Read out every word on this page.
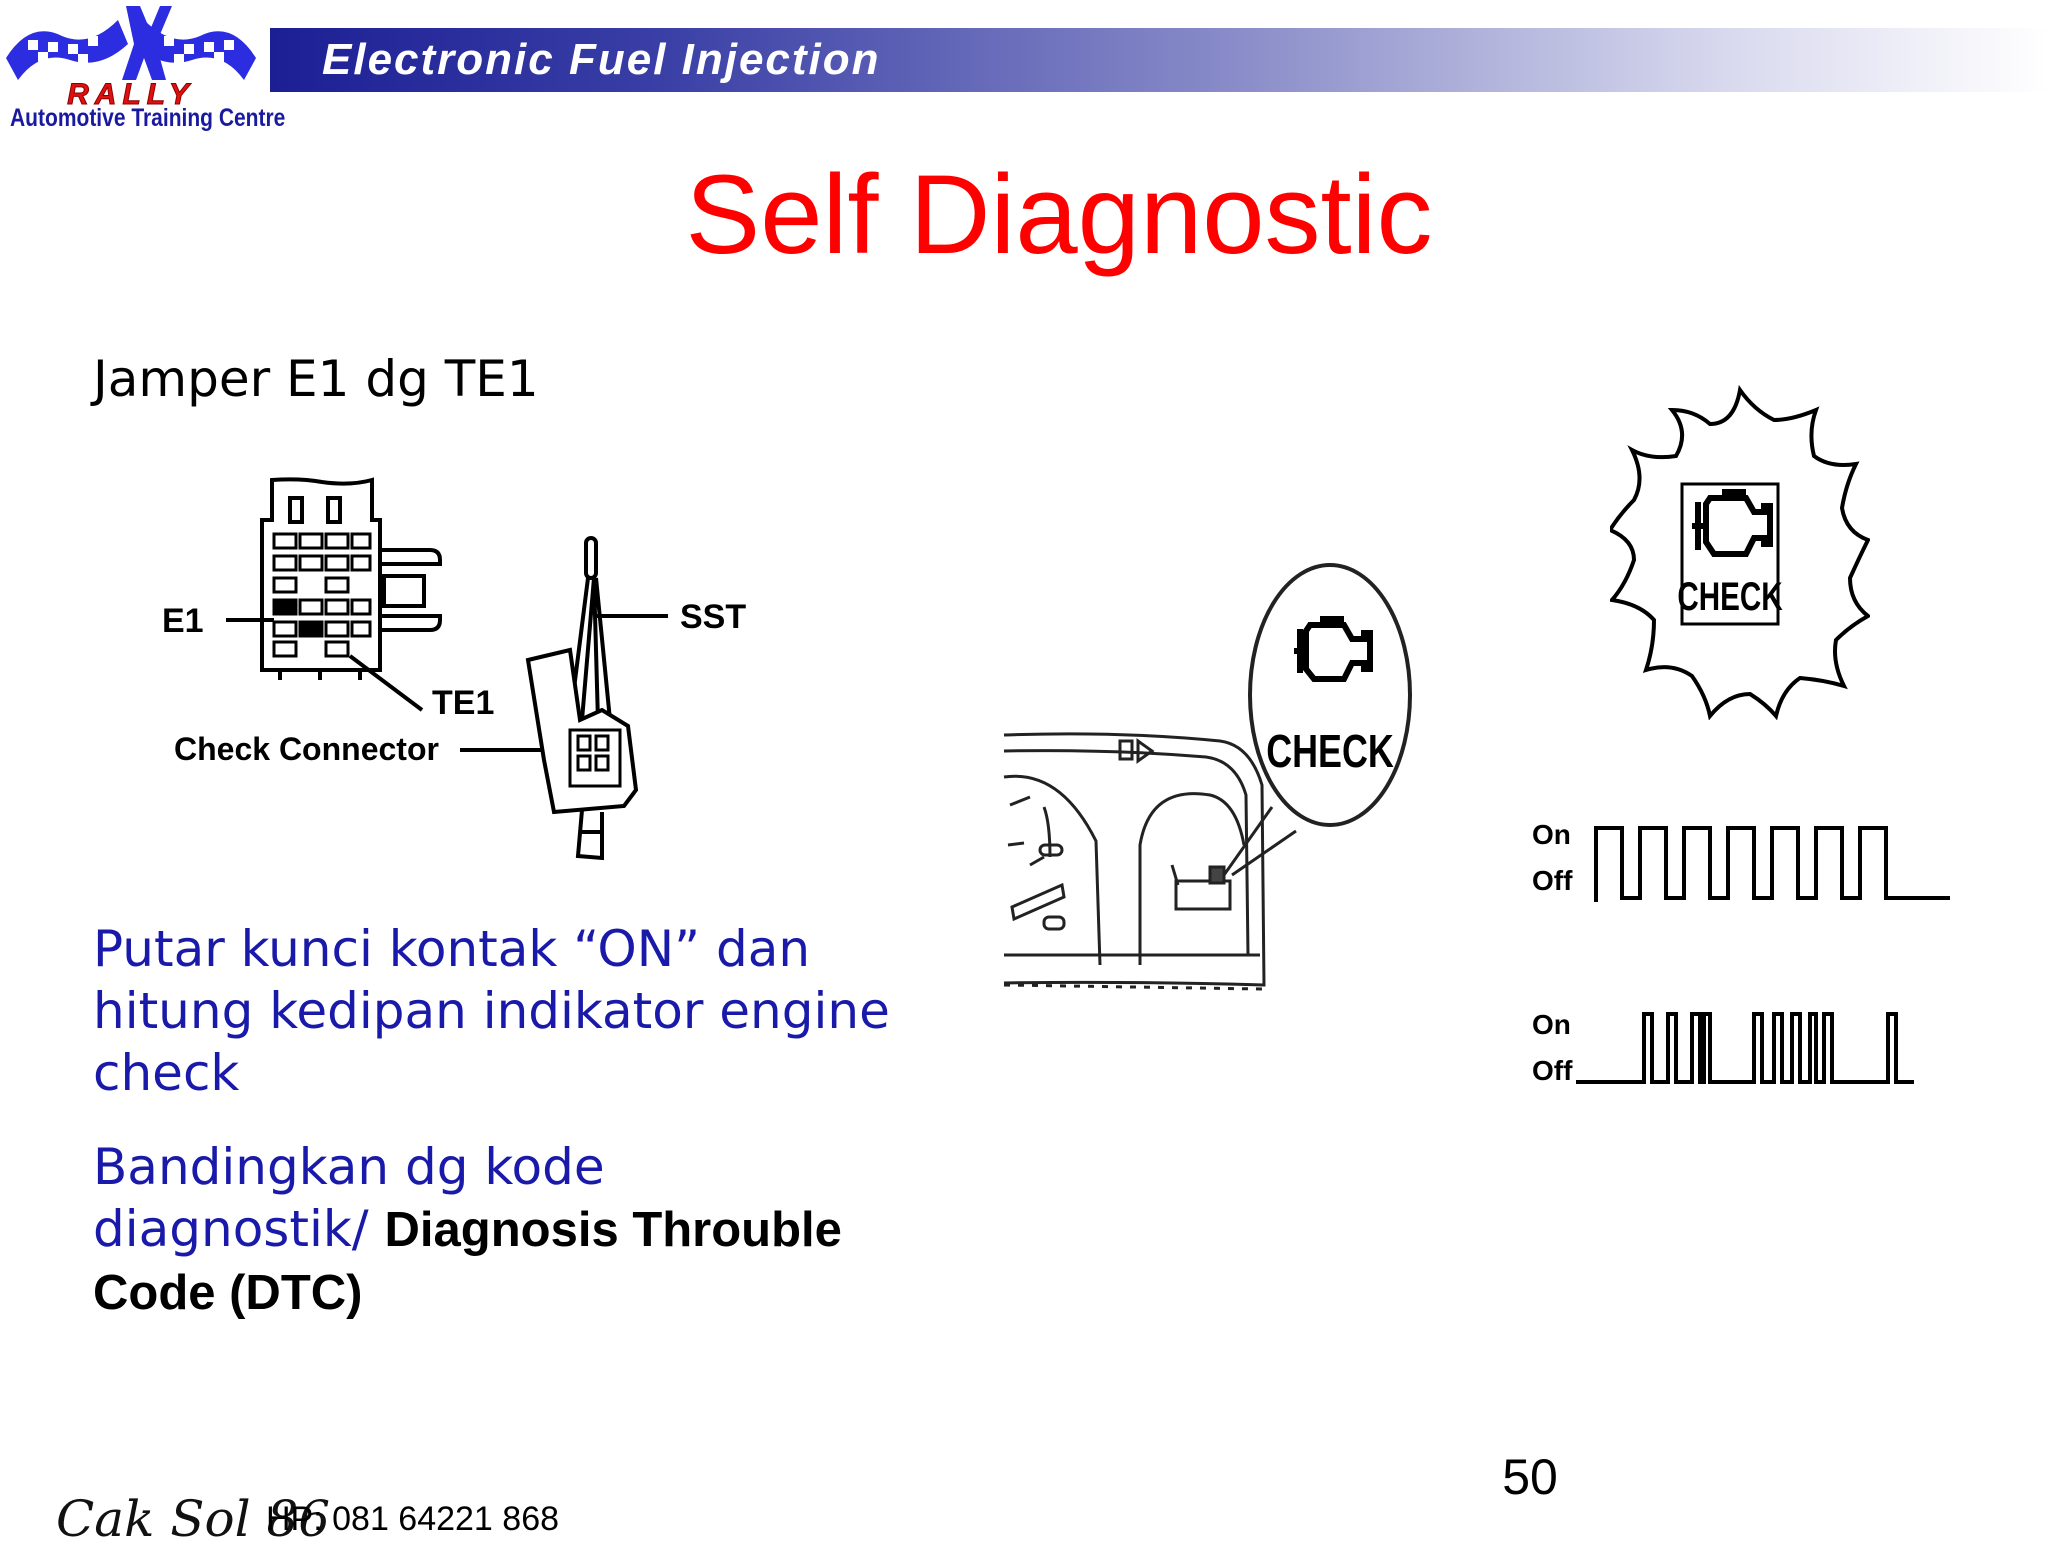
Electronic Fuel Injection
RALLY
Automotive Training Centre
Self Diagnostic
Jamper E1 dg TE1
E1	SST
TE1
Check Connector	CHECK
CHECK
On
Off
On
Off
Putar kunci kontak “ON” dan hitung kedipan indikator engine check
Bandingkan dg kode diagnostik/ Diagnosis Throuble Code (DTC)
50
Cak Sol 86
HP: 081 64221 868
